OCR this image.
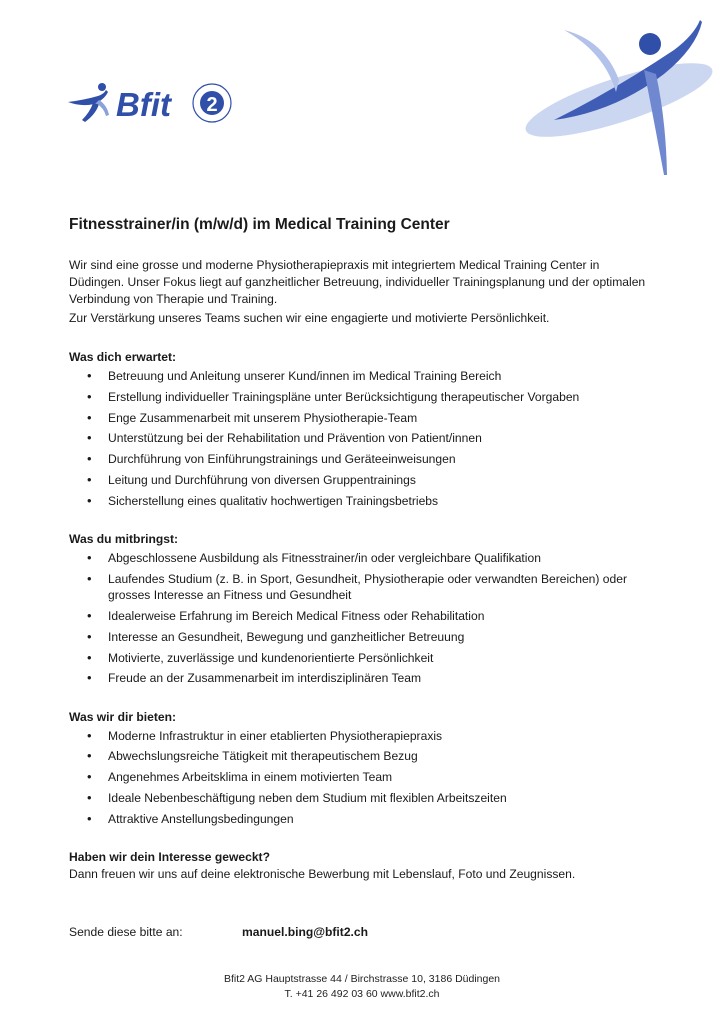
Bfit 2
Fitnesstrainer/in (m/w/d) im Medical Training Center

Wir sind eine grosse und moderne Physiotherapiepraxis mit integriertem Medical Training Center in Düdingen. Unser Fokus liegt auf ganzheitlicher Betreuung, individueller Trainingsplanung und der optimalen Verbindung von Therapie und Training.

Zur Verstärkung unseres Teams suchen wir eine engagierte und motivierte Persönlichkeit.

Was dich erwartet:
• Betreuung und Anleitung unserer Kund/innen im Medical Training Bereich
• Erstellung individueller Trainingspläne unter Berücksichtigung therapeutischer Vorgaben
• Enge Zusammenarbeit mit unserem Physiotherapie-Team
• Unterstützung bei der Rehabilitation und Prävention von Patient/innen
• Durchführung von Einführungstrainings und Geräteeinweisungen
• Leitung und Durchführung von diversen Gruppentrainings
• Sicherstellung eines qualitativ hochwertigen Trainingsbetriebs
Was du mitbringst:
• Abgeschlossene Ausbildung als Fitnesstrainer/in oder vergleichbare Qualifikation
• Laufendes Studium (z. B. in Sport, Gesundheit, Physiotherapie oder verwandten Bereichen) oder grosses Interesse an Fitness und Gesundheit
• Idealerweise Erfahrung im Bereich Medical Fitness oder Rehabilitation
• Interesse an Gesundheit, Bewegung und ganzheitlicher Betreuung
• Motivierte, zuverlässige und kundenorientierte Persönlichkeit
• Freude an der Zusammenarbeit im interdisziplinären Team
Was wir dir bieten:
• Moderne Infrastruktur in einer etablierten Physiotherapiepraxis
• Abwechslungsreiche Tätigkeit mit therapeutischem Bezug
• Angenehmes Arbeitsklima in einem motivierten Team
• Ideale Nebenbeschäftigung neben dem Studium mit flexiblen Arbeitszeiten
• Attraktive Anstellungsbedingungen
Haben wir dein Interesse geweckt?

Dann freuen wir uns auf deine elektronische Bewerbung mit Lebenslauf, Foto und Zeugnissen.

Sende diese bitte an:	manuel.bing@bfit2.ch
Bfit2 AG Hauptstrasse 44 / Birchstrasse 10, 3186 Düdingen
T. +41 26 492 03 60 www.bfit2.ch
